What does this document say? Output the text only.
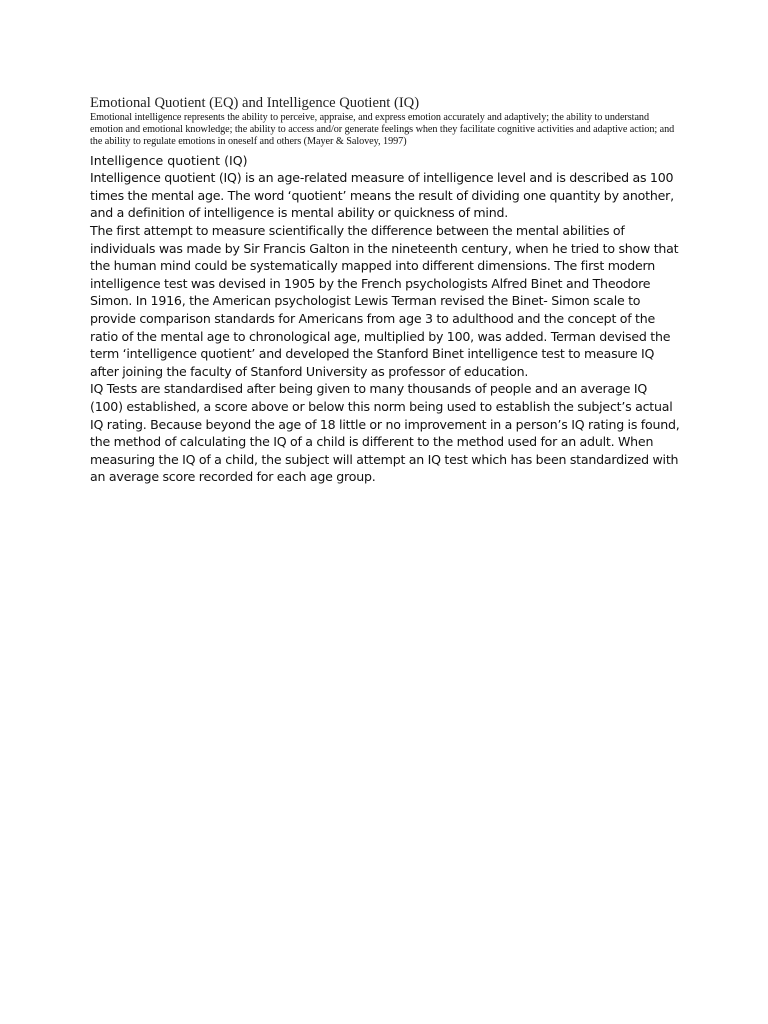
Emotional Quotient (EQ) and Intelligence Quotient (IQ)

Emotional intelligence represents the ability to perceive, appraise, and express emotion accurately and adaptively; the ability to understand emotion and emotional knowledge; the ability to access and/or generate feelings when they facilitate cognitive activities and adaptive action; and the ability to regulate emotions in oneself and others (Mayer & Salovey, 1997)

Intelligence quotient (IQ)

Intelligence quotient (IQ) is an age-related measure of intelligence level and is described as 100 times the mental age. The word ‘quotient’ means the result of dividing one quantity by another, and a definition of intelligence is mental ability or quickness of mind.

The first attempt to measure scientifically the difference between the mental abilities of individuals was made by Sir Francis Galton in the nineteenth century, when he tried to show that the human mind could be systematically mapped into different dimensions. The first modern intelligence test was devised in 1905 by the French psychologists Alfred Binet and Theodore Simon. In 1916, the American psychologist Lewis Terman revised the Binet- Simon scale to provide comparison standards for Americans from age 3 to adulthood and the concept of the ratio of the mental age to chronological age, multiplied by 100, was added. Terman devised the term ‘intelligence quotient’ and developed the Stanford Binet intelligence test to measure IQ after joining the faculty of Stanford University as professor of education.

IQ Tests are standardised after being given to many thousands of people and an average IQ (100) established, a score above or below this norm being used to establish the subject’s actual IQ rating. Because beyond the age of 18 little or no improvement in a person’s IQ rating is found, the method of calculating the IQ of a child is different to the method used for an adult. When measuring the IQ of a child, the subject will attempt an IQ test which has been standardized with an average score recorded for each age group.
